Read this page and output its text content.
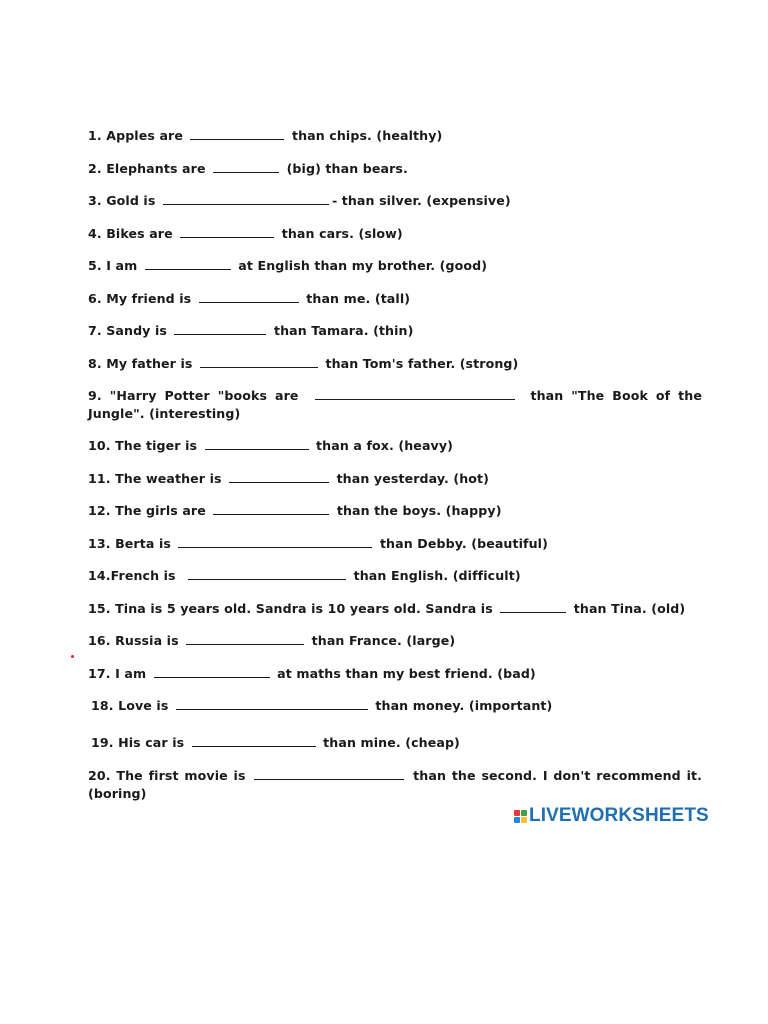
1. Apples are	than chips. (healthy)
2. Elephants are	(big) than bears.
3. Gold is	- than silver. (expensive)
4. Bikes are	than cars. (slow)
5. I am	at English than my brother. (good)
6. My friend is	than me. (tall)
7. Sandy is	than Tamara. (thin)
8. My father is	than Tom's father. (strong)
9. "Harry Potter "books are	than "The Book of the Jungle". (interesting)
10. The tiger is	than a fox. (heavy)
11. The weather is	than yesterday. (hot)
12. The girls are	than the boys. (happy)
13. Berta is	than Debby. (beautiful)
14.French is	than English. (difficult)
15. Tina is 5 years old. Sandra is 10 years old. Sandra is	than Tina. (old)
16. Russia is	than France. (large)
17. I am	at maths than my best friend. (bad)
18. Love is	than money. (important)
19. His car is	than mine. (cheap)
20. The first movie is	than the second. I don't recommend it. (boring)
LIVEWORKSHEETS
